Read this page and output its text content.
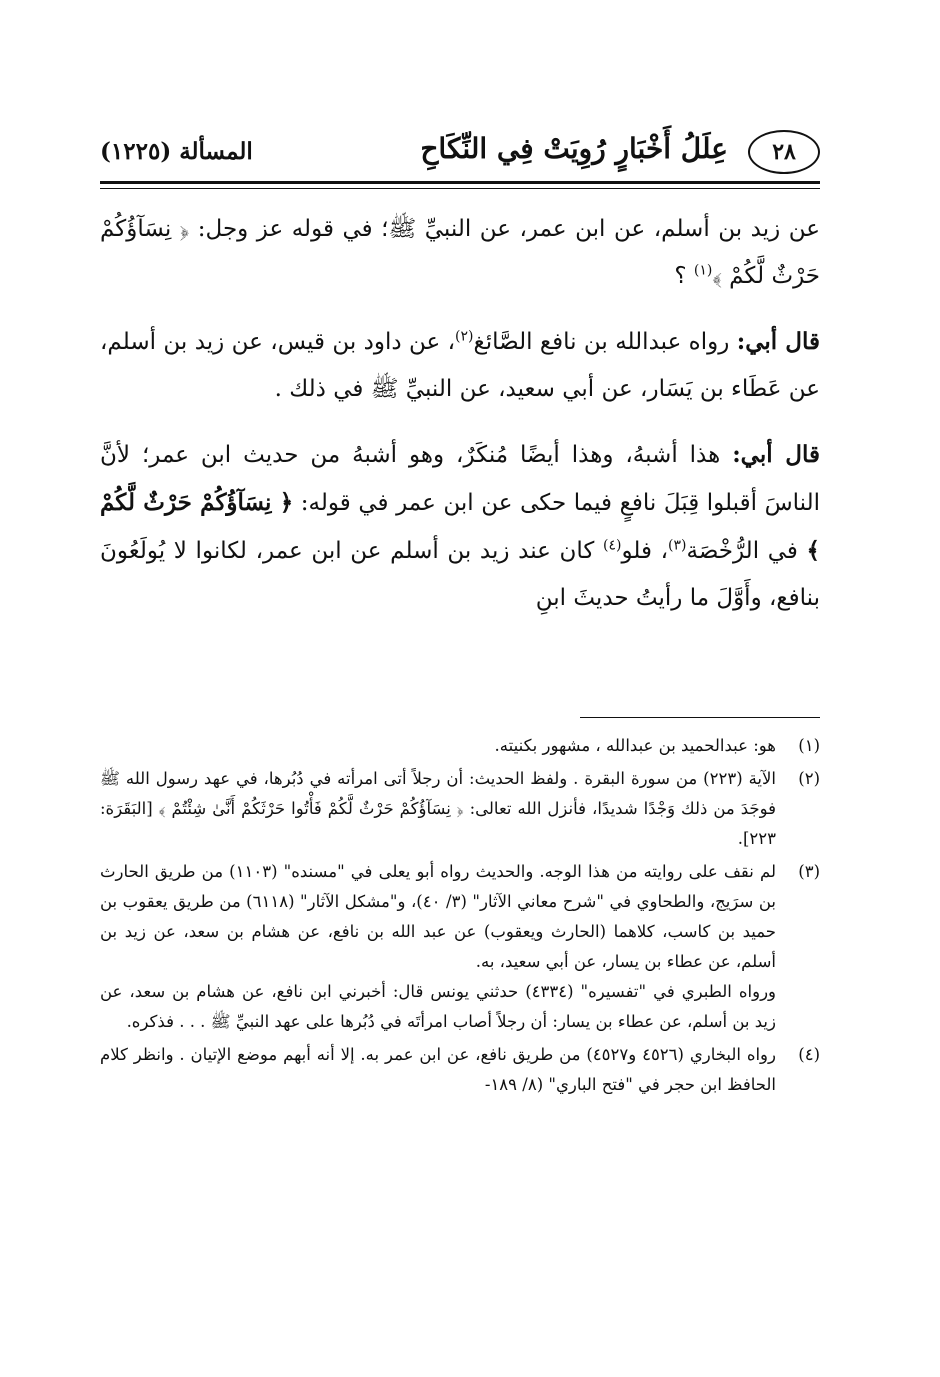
٢٨
عِلَلُ أَخْبَارٍ رُوِيَتْ فِي النِّكَاحِ
المسألة (١٢٢٥)

عن زيد بن أسلم، عن ابن عمر، عن النبيِّ ﷺ؛ في قوله عز وجل: ﴿ نِسَآؤُكُمْ حَرْثٌ لَّكُمْ ﴾$^{(١)}$ ؟

قال أبي: رواه عبدالله بن نافع الصَّائغ$^{(٢)}$، عن داود بن قيس، عن زيد بن أسلم، عن عَطَاء بن يَسَار، عن أبي سعيد، عن النبيِّ ﷺ في ذلك .

قال أبي: هذا أشبهُ، وهذا أيضًا مُنكَرٌ، وهو أشبهُ من حديث ابن عمر؛ لأنَّ الناسَ أقبلوا قِبَلَ نافعٍ فيما حكى عن ابن عمر في قوله: ﴿ نِسَآؤُكُمْ حَرْثٌ لَّكُمْ ﴾ في الرُّخْصَة$^{(٣)}$، فلو$^{(٤)}$ كان عند زيد بن أسلم عن ابن عمر، لكانوا لا يُولَعُونَ بنافع، وأَوَّلَ ما رأيتُ حديثَ ابنِ

(١)
هو: عبدالحميد بن عبدالله ، مشهور بكنيته.
(٢)
الآية (٢٢٣) من سورة البقرة . ولفظ الحديث: أن رجلاً أتى امرأته في دُبُرها، في عهد رسول الله ﷺ فوجَدَ من ذلك وَجْدًا شديدًا، فأنزل الله تعالى: ﴿ نِسَآؤُكُمْ حَرْثٌ لَّكُمْ فَأْتُوا حَرْثَكُمْ أَنَّىٰ شِئْتُمْ ﴾ [البَقَرَة: ٢٢٣].
(٣)
لم نقف على روايته من هذا الوجه. والحديث رواه أبو يعلى في "مسنده" (١١٠٣) من طريق الحارث بن سرَيج، والطحاوي في "شرح معاني الآثار" (٣/ ٤٠)، و"مشكل الآثار" (٦١١٨) من طريق يعقوب بن حميد بن كاسب، كلاهما (الحارث ويعقوب) عن عبد الله بن نافع، عن هشام بن سعد، عن زيد بن أسلم، عن عطاء بن يسار، عن أبي سعيد، به.
ورواه الطبري في "تفسيره" (٤٣٣٤) حدثني يونس قال: أخبرني ابن نافع، عن هشام بن سعد، عن زيد بن أسلم، عن عطاء بن يسار: أن رجلاً أصاب امرأتَه في دُبُرها على عهد النبيِّ ﷺ . . . فذكره.
(٤)
رواه البخاري (٤٥٢٦ و٤٥٢٧) من طريق نافع، عن ابن عمر به. إلا أنه أبهم موضع الإتيان . وانظر كلام الحافظ ابن حجر في "فتح الباري" (٨/ ١٨٩-
